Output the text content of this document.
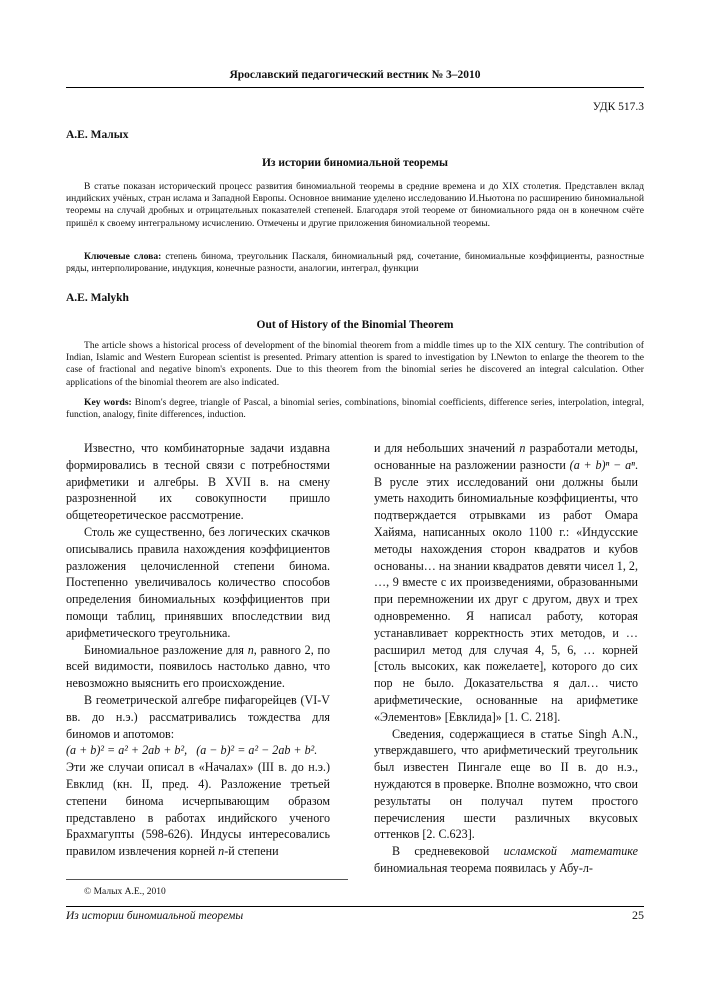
Ярославский педагогический вестник № 3–2010
УДК 517.3
А.Е. Малых
Из истории биномиальной теоремы

В статье показан исторический процесс развития биномиальной теоремы в средние времена и до XIX столетия. Представлен вклад индийских учёных, стран ислама и Западной Европы. Основное внимание уделено исследованию И.Ньютона по расширению биномиальной теоремы на случай дробных и отрицательных показателей степеней. Благодаря этой теореме от биномиального ряда он в конечном счёте пришёл к своему интегральному исчислению. Отмечены и другие приложения биномиальной теоремы.

Ключевые слова: степень бинома, треугольник Паскаля, биномиальный ряд, сочетание, биномиальные коэффициенты, разностные ряды, интерполирование, индукция, конечные разности, аналогии, интеграл, функции

A.E. Malykh
Out of History of the Binomial Theorem

The article shows a historical process of development of the binomial theorem from a middle times up to the XIX century. The contribution of Indian, Islamic and Western European scientist is presented. Primary attention is spared to investigation by I.Newton to enlarge the theorem to the case of fractional and negative binom's exponents. Due to this theorem from the binomial series he discovered an integral calculation. Other applications of the binomial theorem are also indicated.

Key words: Binom's degree, triangle of Pascal, a binomial series, combinations, binomial coefficients, difference series, interpolation, integral, function, analogy, finite differences, induction.

Известно, что комбинаторные задачи издавна формировались в тесной связи с потребностями арифметики и алгебры. В XVII в. на смену разрозненной их совокупности пришло общетеоретическое рассмотрение.

Столь же существенно, без логических скачков описывались правила нахождения коэффициентов разложения целочисленной степени бинома. Постепенно увеличивалось количество способов определения биномиальных коэффициентов при помощи таблиц, принявших впоследствии вид арифметического треугольника.

Биномиальное разложение для n, равного 2, по всей видимости, появилось настолько давно, что невозможно выяснить его происхождение.

В геометрической алгебре пифагорейцев (VI-V вв. до н.э.) рассматривались тождества для биномов и апотомов:

(a + b)² = a² + 2ab + b², (a − b)² = a² − 2ab + b².

Эти же случаи описал в «Началах» (III в. до н.э.) Евклид (кн. II, пред. 4). Разложение третьей степени бинома исчерпывающим образом представлено в работах индийского ученого Брахмагупты (598-626). Индусы интересовались правилом извлечения корней n-й степени

и для небольших значений n разработали методы, основанные на разложении разности (a + b)ⁿ − aⁿ. В русле этих исследований они должны были уметь находить биномиальные коэффициенты, что подтверждается отрывками из работ Омара Хайяма, написанных около 1100 г.: «Индусские методы нахождения сторон квадратов и кубов основаны… на знании квадратов девяти чисел 1, 2, …, 9 вместе с их произведениями, образованными при перемножении их друг с другом, двух и трех одновременно. Я написал работу, которая устанавливает корректность этих методов, и … расширил метод для случая 4, 5, 6, … корней [столь высоких, как пожелаете], которого до сих пор не было. Доказательства я дал… чисто арифметические, основанные на арифметике «Элементов» [Евклида]» [1. С. 218].

Сведения, содержащиеся в статье Singh A.N., утверждавшего, что арифметический треугольник был известен Пингале еще во II в. до н.э., нуждаются в проверке. Вполне возможно, что свои результаты он получал путем простого перечисления шести различных вкусовых оттенков [2. С.623].

В средневековой исламской математике биномиальная теорема появилась у Абу-л-

© Малых А.Е., 2010
Из истории биномиальной теоремы	25
